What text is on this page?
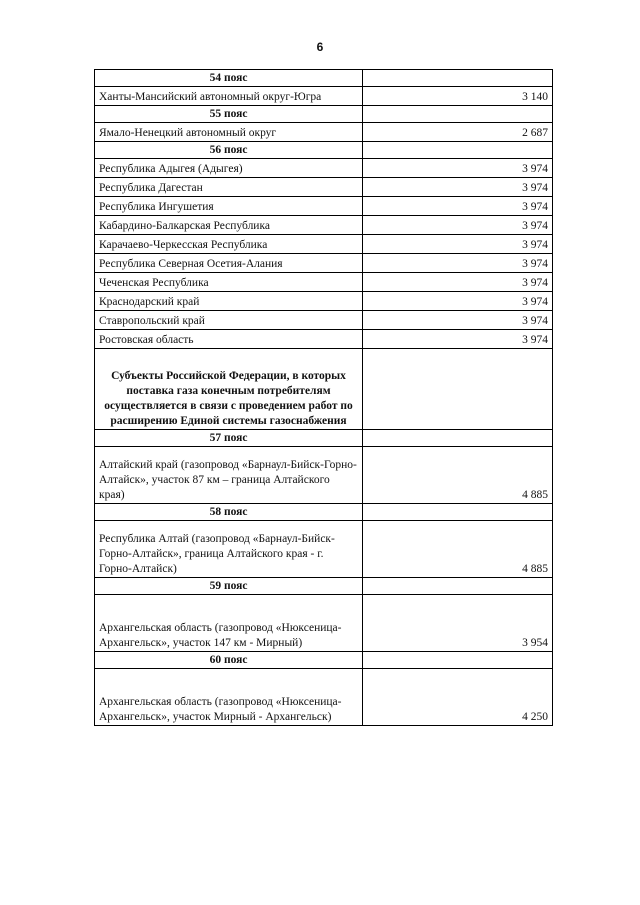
6
54 пояс	
Ханты-Мансийский автономный округ-Югра	3 140
55 пояс	
Ямало-Ненецкий автономный округ	2 687
56 пояс	
Республика Адыгея (Адыгея)	3 974
Республика Дагестан	3 974
Республика Ингушетия	3 974
Кабардино-Балкарская Республика	3 974
Карачаево-Черкесская Республика	3 974
Республика Северная Осетия-Алания	3 974
Чеченская Республика	3 974
Краснодарский край	3 974
Ставропольский край	3 974
Ростовская область	3 974
Субъекты Российской Федерации, в которых поставка газа конечным потребителям осуществляется в связи с проведением работ по расширению Единой системы газоснабжения	
57 пояс	
Алтайский край (газопровод «Барнаул-Бийск-Горно-Алтайск», участок 87 км – граница Алтайского края)	4 885
58 пояс	
Республика Алтай (газопровод «Барнаул-Бийск-Горно-Алтайск», граница Алтайского края - г. Горно-Алтайск)	4 885
59 пояс	
Архангельская область (газопровод «Нюксеница-Архангельск», участок 147 км - Мирный)	3 954
60 пояс	
Архангельская область (газопровод «Нюксеница-Архангельск», участок Мирный - Архангельск)	4 250
